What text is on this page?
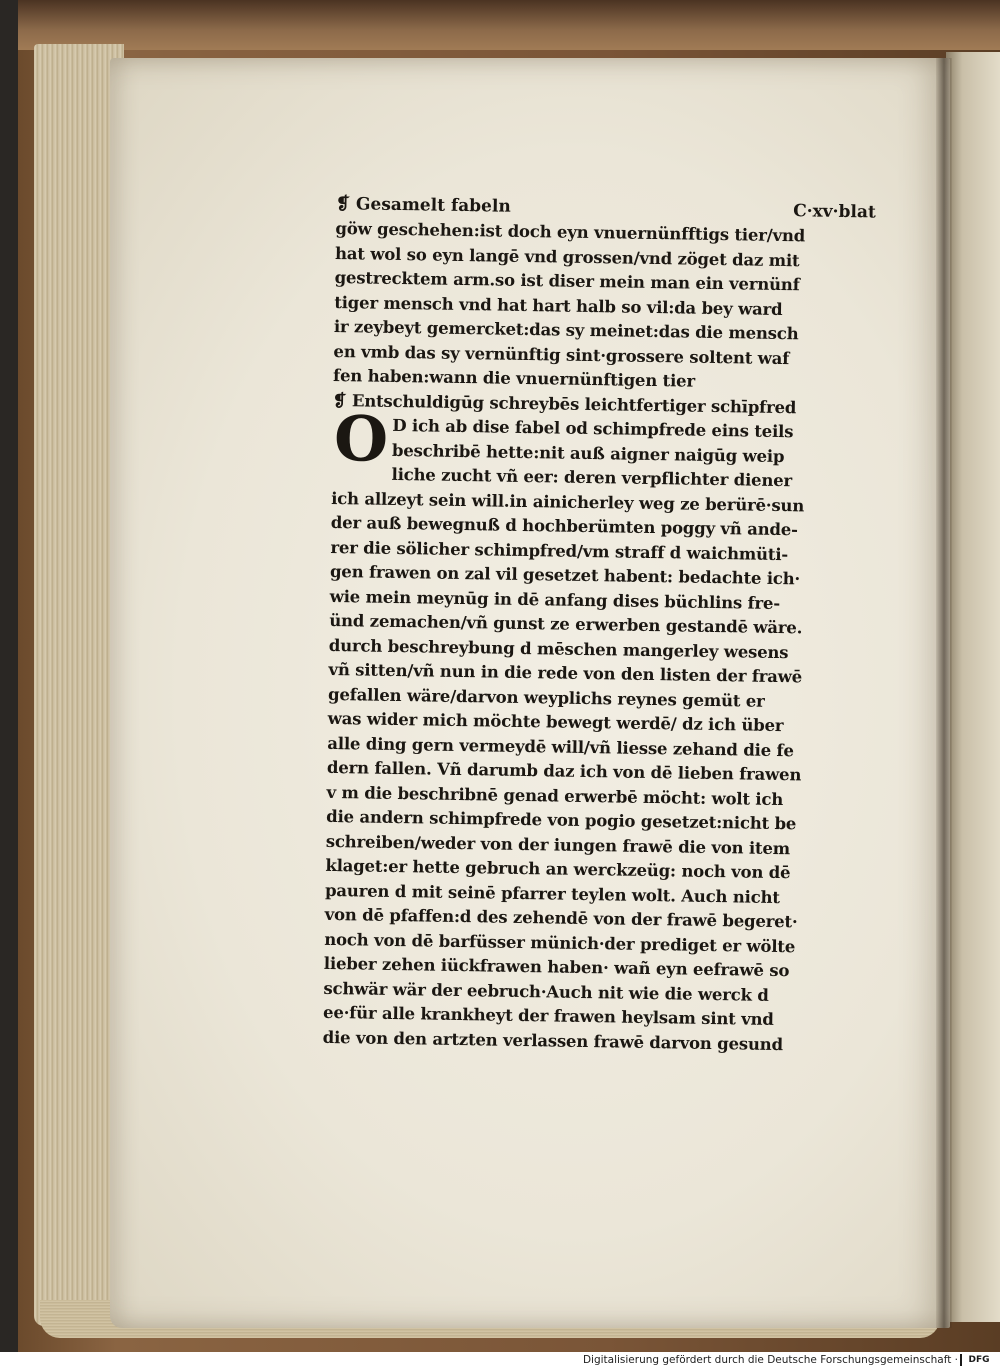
❡ Gesamelt fabeln	C·xv·blat
göw geschehen:ist doch eyn vnuernünfftigs tier/vnd
hat wol so eyn langē vnd grossen/vnd zöget daz mit
gestrecktem arm.so ist diser mein man ein vernünf
tiger mensch vnd hat hart halb so vil:da bey ward
ir zeybeyt gemercket:das sy meinet:das die mensch
en vmb das sy vernünftig sint·grossere soltent waf
fen haben:wann die vnuernünftigen tier
❡ Entschuldigūg schreybēs leichtfertiger schīpfred
D ich ab dise fabel od schimpfrede eins teils
beschribē hette:nit auß aigner naigūg weip
liche zucht vñ eer: deren verpflichter diener
ich allzeyt sein will.in ainicherley weg ze berürē·sun
der auß bewegnuß d hochberümten poggy vñ ande-
rer die sölicher schimpfred/vm straff d waichmüti-
gen frawen on zal vil gesetzet habent: bedachte ich·
wie mein meynūg in dē anfang dises büchlins fre-
ünd zemachen/vñ gunst ze erwerben gestandē wäre.
durch beschreybung d mēschen mangerley wesens
vñ sitten/vñ nun in die rede von den listen der frawē
gefallen wäre/darvon weyplichs reynes gemüt er
was wider mich möchte bewegt werdē/ dz ich über
alle ding gern vermeydē will/vñ liesse zehand die fe
dern fallen. Vñ darumb daz ich von dē lieben frawen
v m die beschribnē genad erwerbē möcht: wolt ich
die andern schimpfrede von pogio gesetzet:nicht be
schreiben/weder von der iungen frawē die von item
klaget:er hette gebruch an werckzeüg: noch von dē
pauren d mit seinē pfarrer teylen wolt. Auch nicht
von dē pfaffen:d des zehendē von der frawē begeret·
noch von dē barfüsser münich·der prediget er wölte
lieber zehen iückfrawen haben· wañ eyn eefrawē so
schwär wär der eebruch·Auch nit wie die werck d
ee·für alle krankheyt der frawen heylsam sint vnd
die von den artzten verlassen frawē darvon gesund
O
Digitalisierung gefördert durch die Deutsche Forschungsgemeinschaft ·	DFG
